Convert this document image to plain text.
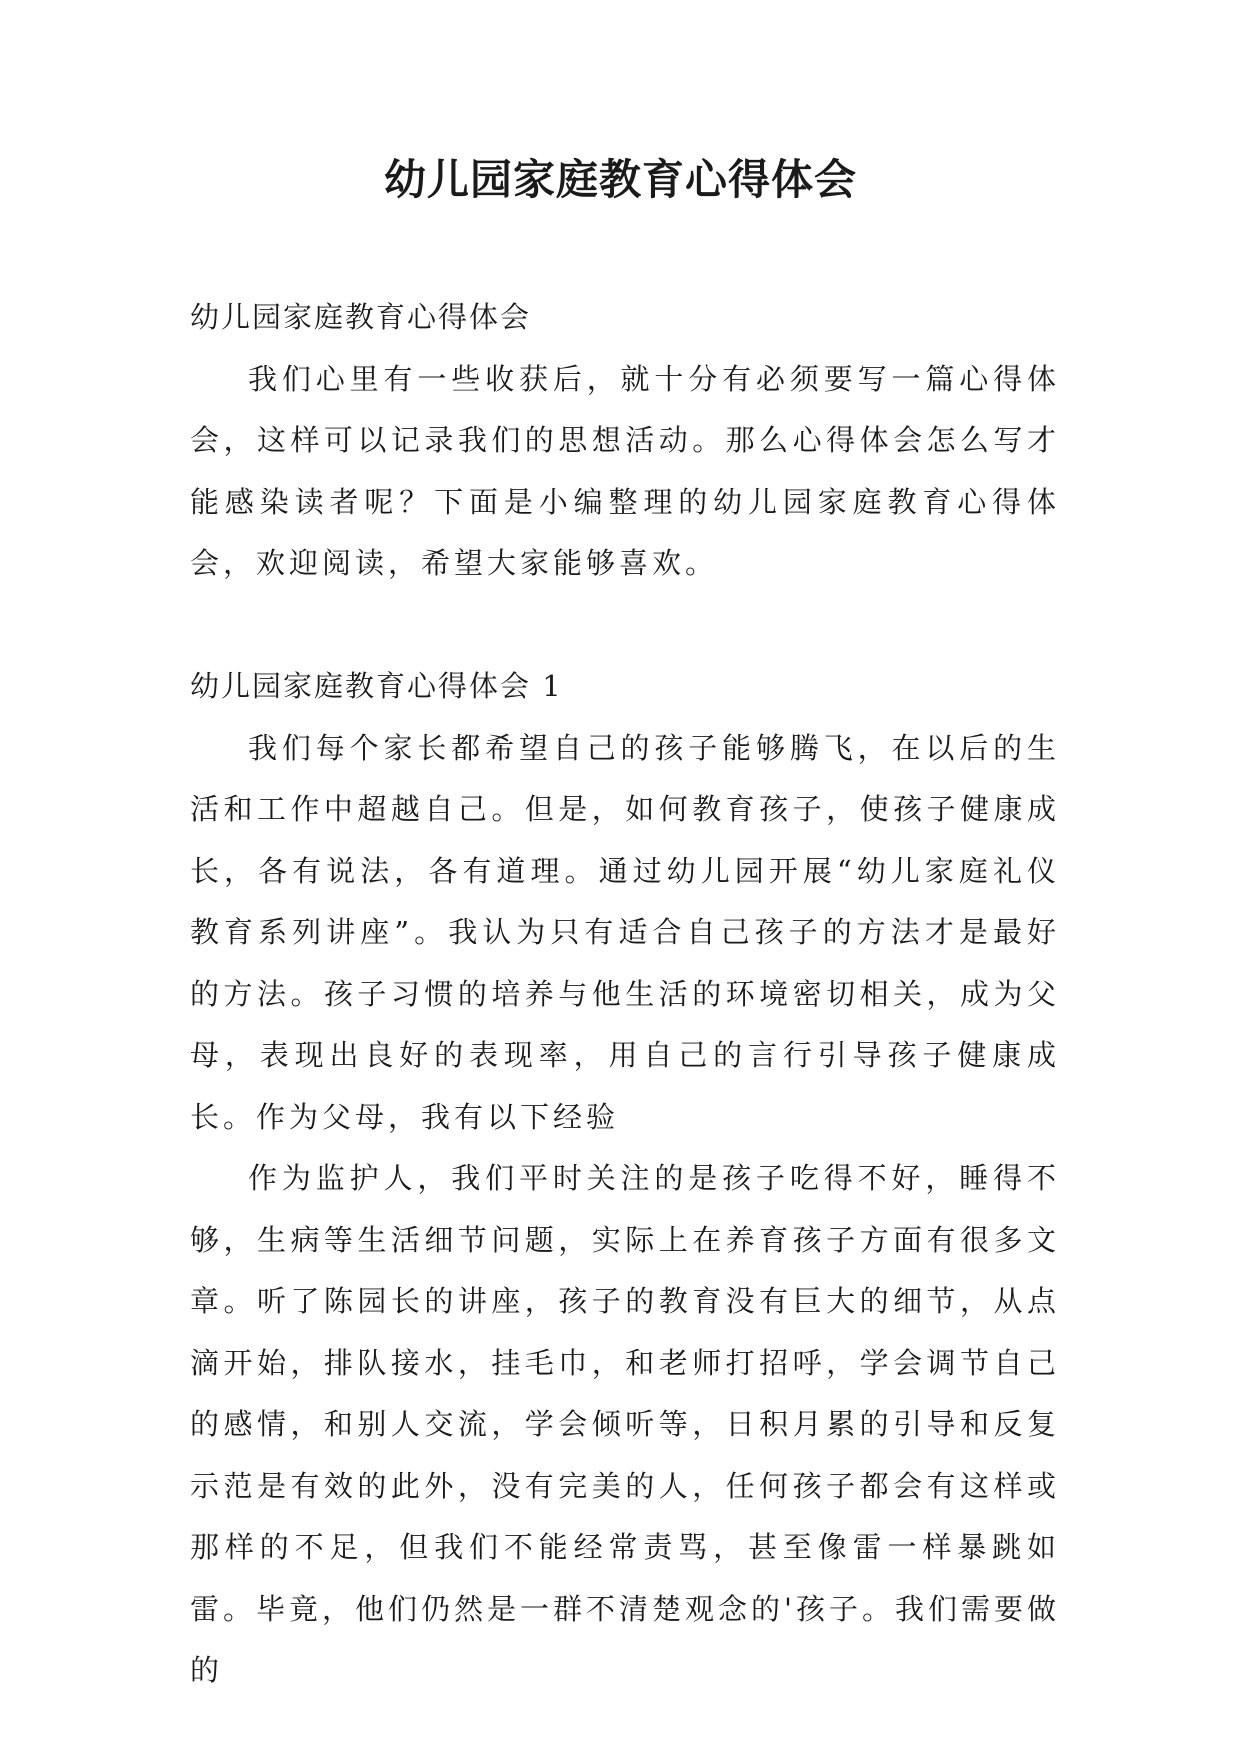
幼儿园家庭教育心得体会
幼儿园家庭教育心得体会

我们心里有一些收获后，就十分有必须要写一篇心得体会，这样可以记录我们的思想活动。那么心得体会怎么写才能感染读者呢？下面是小编整理的幼儿园家庭教育心得体会，欢迎阅读，希望大家能够喜欢。

幼儿园家庭教育心得体会 1

我们每个家长都希望自己的孩子能够腾飞，在以后的生活和工作中超越自己。但是，如何教育孩子，使孩子健康成长，各有说法，各有道理。通过幼儿园开展“幼儿家庭礼仪教育系列讲座”。我认为只有适合自己孩子的方法才是最好的方法。孩子习惯的培养与他生活的环境密切相关，成为父母，表现出良好的表现率，用自己的言行引导孩子健康成长。作为父母，我有以下经验

作为监护人，我们平时关注的是孩子吃得不好，睡得不够，生病等生活细节问题，实际上在养育孩子方面有很多文章。听了陈园长的讲座，孩子的教育没有巨大的细节，从点滴开始，排队接水，挂毛巾，和老师打招呼，学会调节自己的感情，和别人交流，学会倾听等，日积月累的引导和反复示范是有效的此外，没有完美的人，任何孩子都会有这样或那样的不足，但我们不能经常责骂，甚至像雷一样暴跳如雷。毕竟，他们仍然是一群不清楚观念的'孩子。我们需要做的
